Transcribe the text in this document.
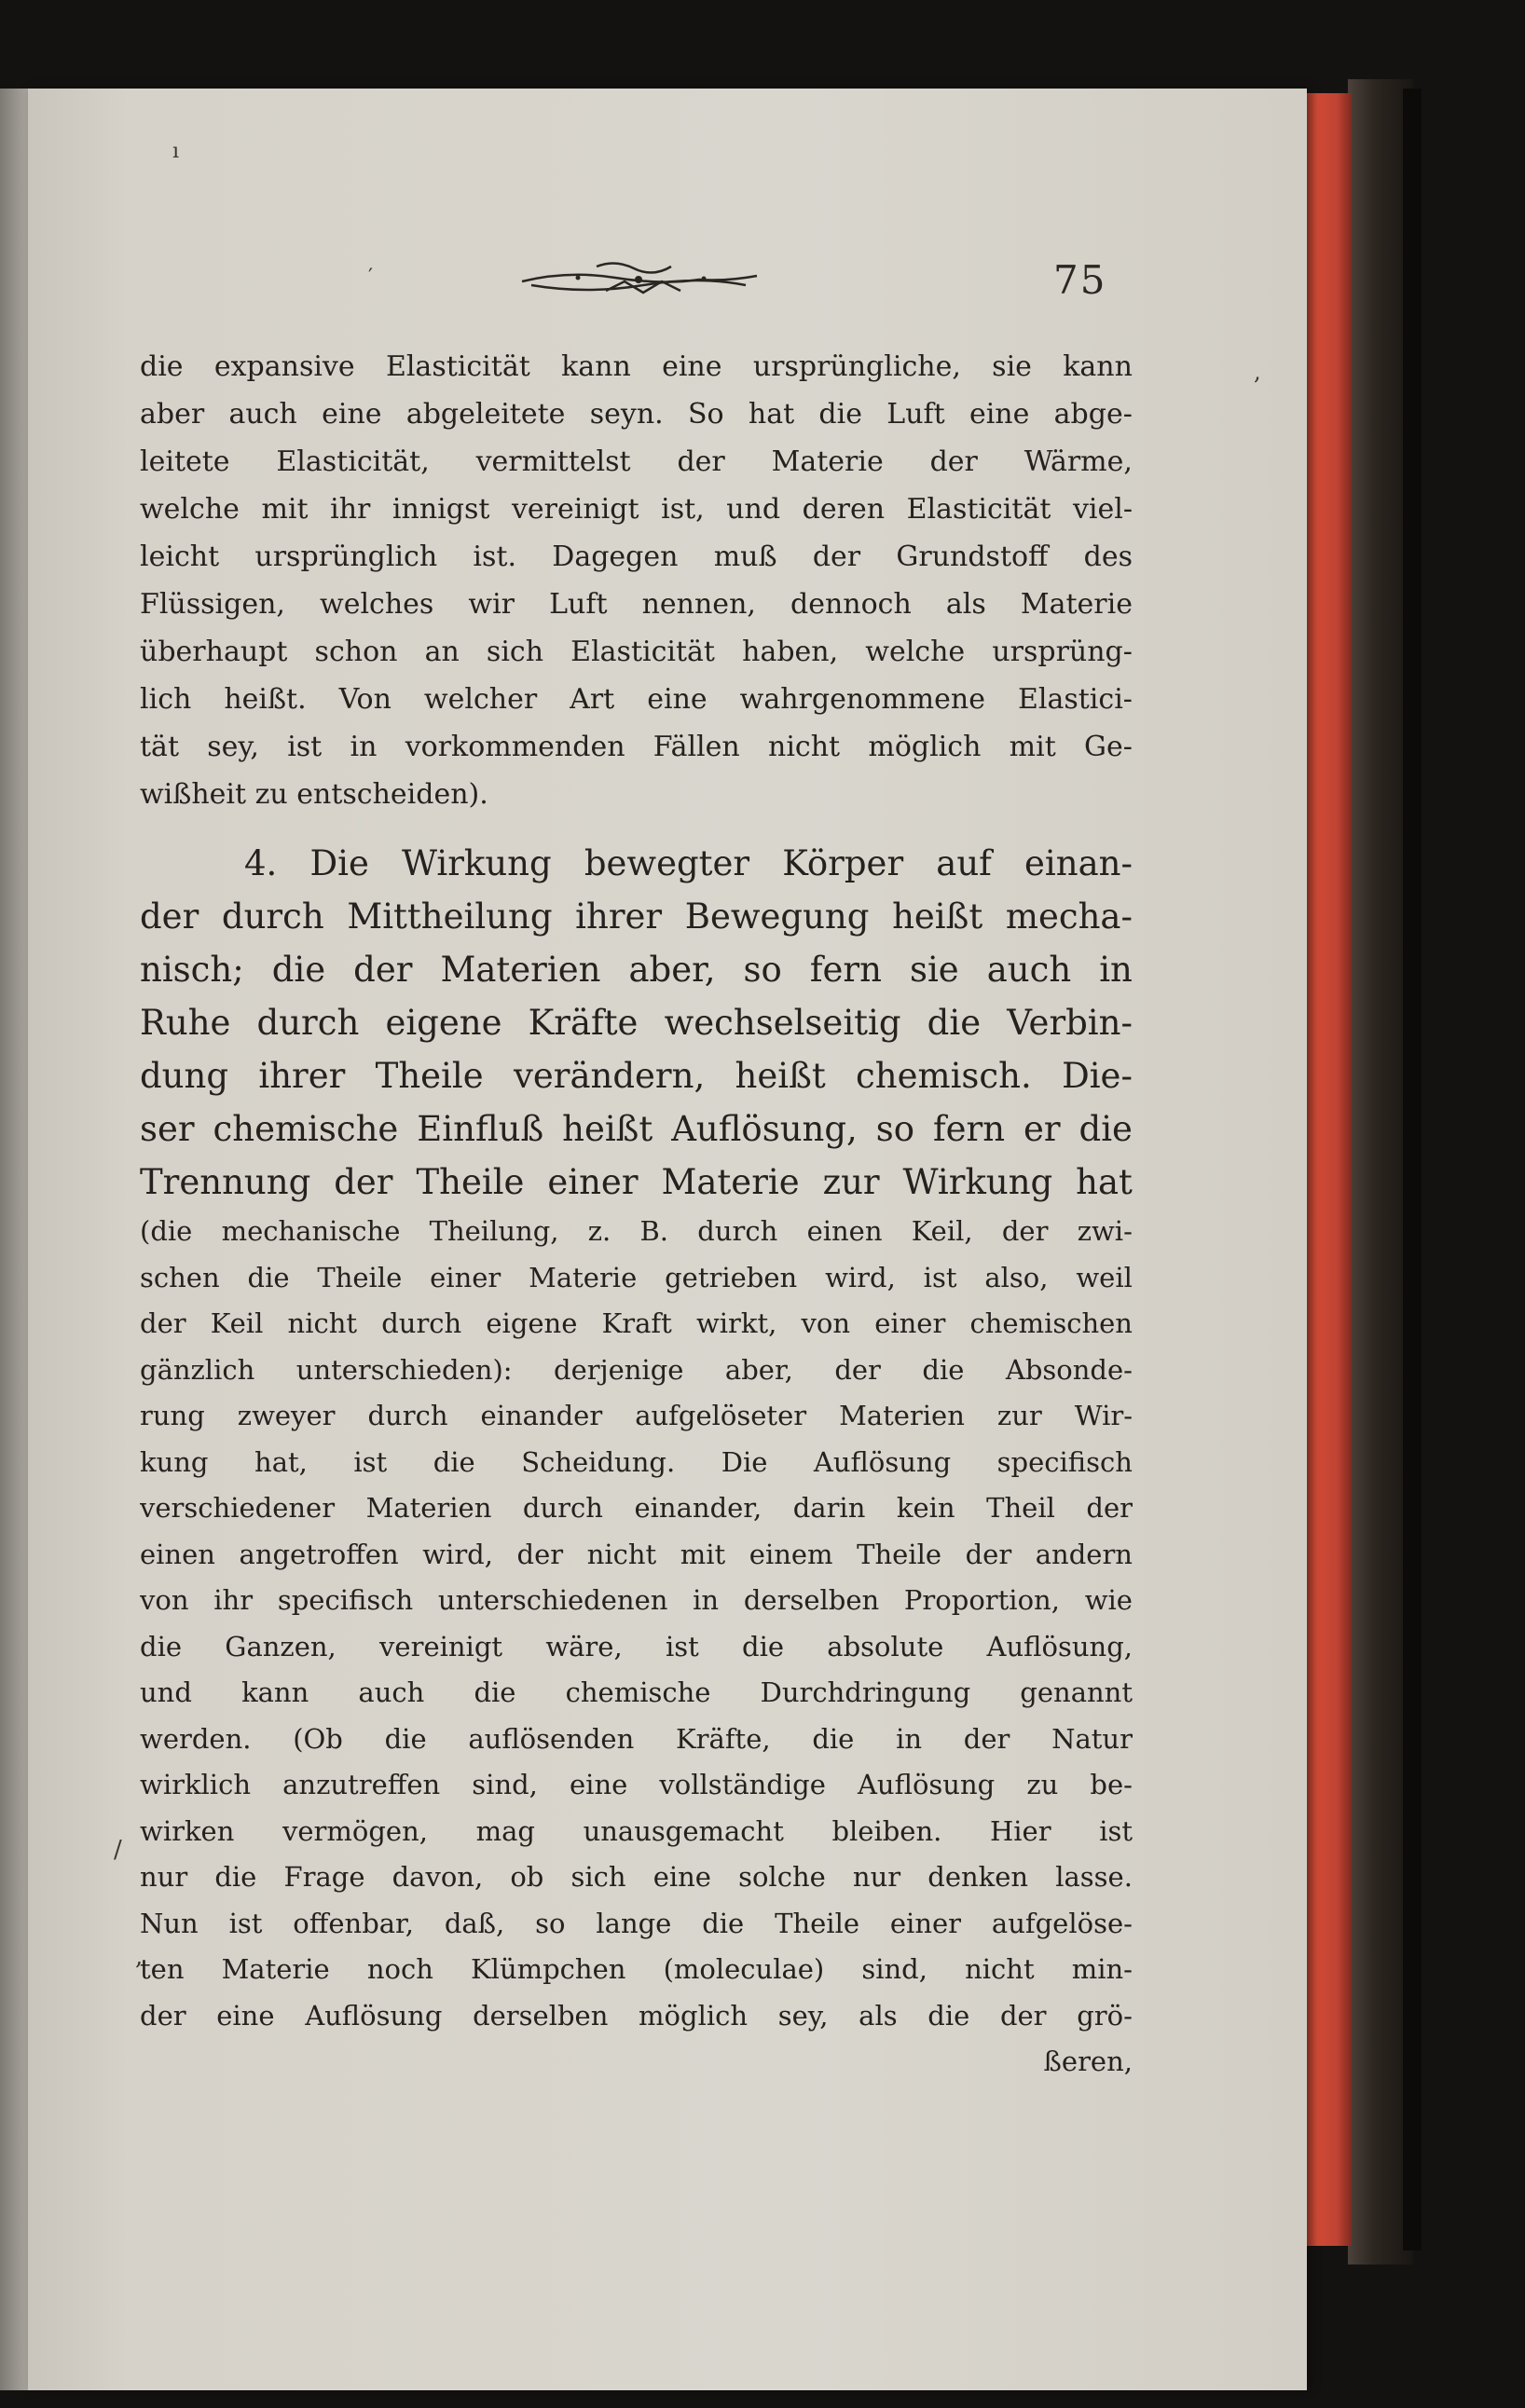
75
die expansive Elasticität kann eine ursprüngliche, sie kann
aber auch eine abgeleitete seyn. So hat die Luft eine abge-
leitete Elasticität, vermittelst der Materie der Wärme,
welche mit ihr innigst vereinigt ist, und deren Elasticität viel-
leicht ursprünglich ist. Dagegen muß der Grundstoff des
Flüssigen, welches wir Luft nennen, dennoch als Materie
überhaupt schon an sich Elasticität haben, welche ursprüng-
lich heißt. Von welcher Art eine wahrgenommene Elastici-
tät sey, ist in vorkommenden Fällen nicht möglich mit Ge-
wißheit zu entscheiden).
4. Die Wirkung bewegter Körper auf einan-
der durch Mittheilung ihrer Bewegung heißt mecha-
nisch; die der Materien aber, so fern sie auch in
Ruhe durch eigene Kräfte wechselseitig die Verbin-
dung ihrer Theile verändern, heißt chemisch. Die-
ser chemische Einfluß heißt Auflösung, so fern er die
Trennung der Theile einer Materie zur Wirkung hat
(die mechanische Theilung, z. B. durch einen Keil, der zwi-
schen die Theile einer Materie getrieben wird, ist also, weil
der Keil nicht durch eigene Kraft wirkt, von einer chemischen
gänzlich unterschieden): derjenige aber, der die Absonde-
rung zweyer durch einander aufgelöseter Materien zur Wir-
kung hat, ist die Scheidung. Die Auflösung specifisch
verschiedener Materien durch einander, darin kein Theil der
einen angetroffen wird, der nicht mit einem Theile der andern
von ihr specifisch unterschiedenen in derselben Proportion, wie
die Ganzen, vereinigt wäre, ist die absolute Auflösung,
und kann auch die chemische Durchdringung genannt
werden. (Ob die auflösenden Kräfte, die in der Natur
wirklich anzutreffen sind, eine vollständige Auflösung zu be-
wirken vermögen, mag unausgemacht bleiben. Hier ist
nur die Frage davon, ob sich eine solche nur denken lasse.
Nun ist offenbar, daß, so lange die Theile einer aufgelöse-
ten Materie noch Klümpchen (moleculae) sind, nicht min-
der eine Auflösung derselben möglich sey, als die der grö-
ßeren,
ı
′
,
/
,
